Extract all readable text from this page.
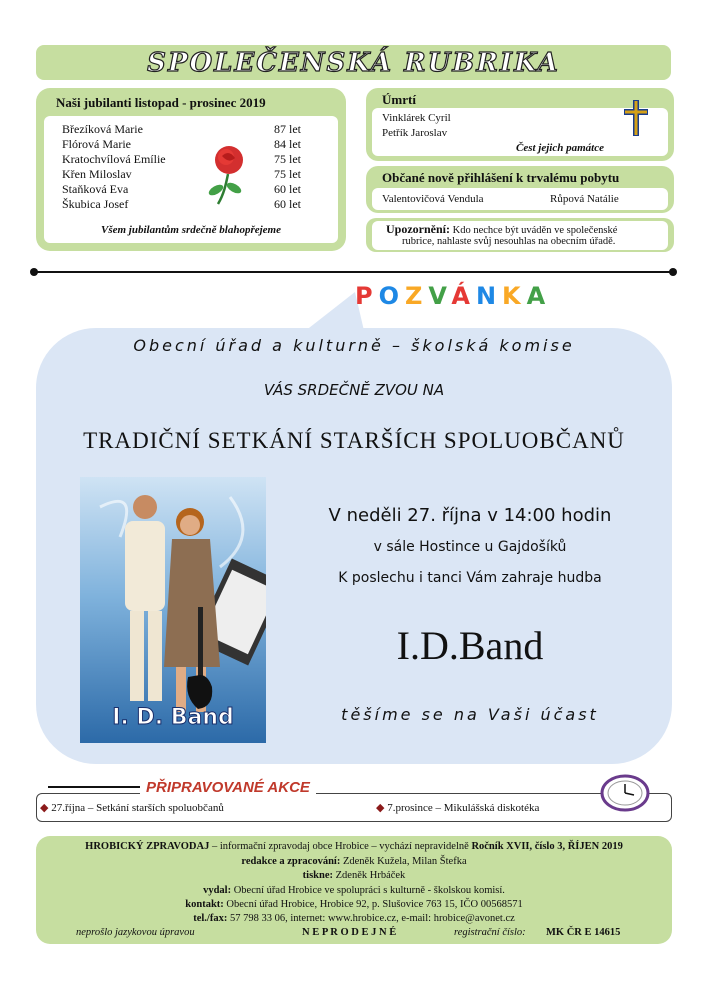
SPOLEČENSKÁ RUBRIKA
Naši jubilanti listopad - prosinec 2019
Březíková Marie	87 let
Flórová Marie	84 let
Kratochvílová Emílie	75 let
Křen Miloslav	75 let
Staňková Eva	60 let
Škubica Josef	60 let
Všem jubilantům srdečně blahopřejeme
Úmrtí
Vinklárek Cyril
Petřík Jaroslav
Čest jejich památce
Občané nově přihlášení k trvalému pobytu
Valentovičová Vendula	Růpová Natálie
Upozornění: Kdo nechce být uváděn ve společenské
rubrice, nahlaste svůj nesouhlas na obecním úřadě.
POZVÁNKA
Obecní úřad a kulturně – školská komise
VÁS SRDEČNĚ ZVOU NA
TRADIČNÍ SETKÁNÍ STARŠÍCH SPOLUOBČANŮ
I. D. Band
V neděli 27. října v 14:00 hodin
v sále Hostince u Gajdošíků
K poslechu i tanci Vám zahraje hudba
I.D.Band
těšíme se na Vaši účast
PŘIPRAVOVANÉ AKCE
◆ 27.října – Setkání starších spoluobčanů	◆ 7.prosince – Mikulášská diskotéka
HROBICKÝ ZPRAVODAJ – informační zpravodaj obce Hrobice – vychází nepravidelně Ročník XVII, číslo 3, ŘÍJEN 2019
redakce a zpracování: Zdeněk Kužela, Milan Štefka
tiskne: Zdeněk Hrbáček
vydal: Obecní úřad Hrobice ve spolupráci s kulturně - školskou komisí.
kontakt: Obecní úřad Hrobice, Hrobice 92, p. Slušovice 763 15, IČO 00568571
tel./fax: 57 798 33 06, internet: www.hrobice.cz, e-mail: hrobice@avonet.cz
neprošlo jazykovou úpravou	N E P R O D E J N É	registrační číslo: MK ČR E 14615
